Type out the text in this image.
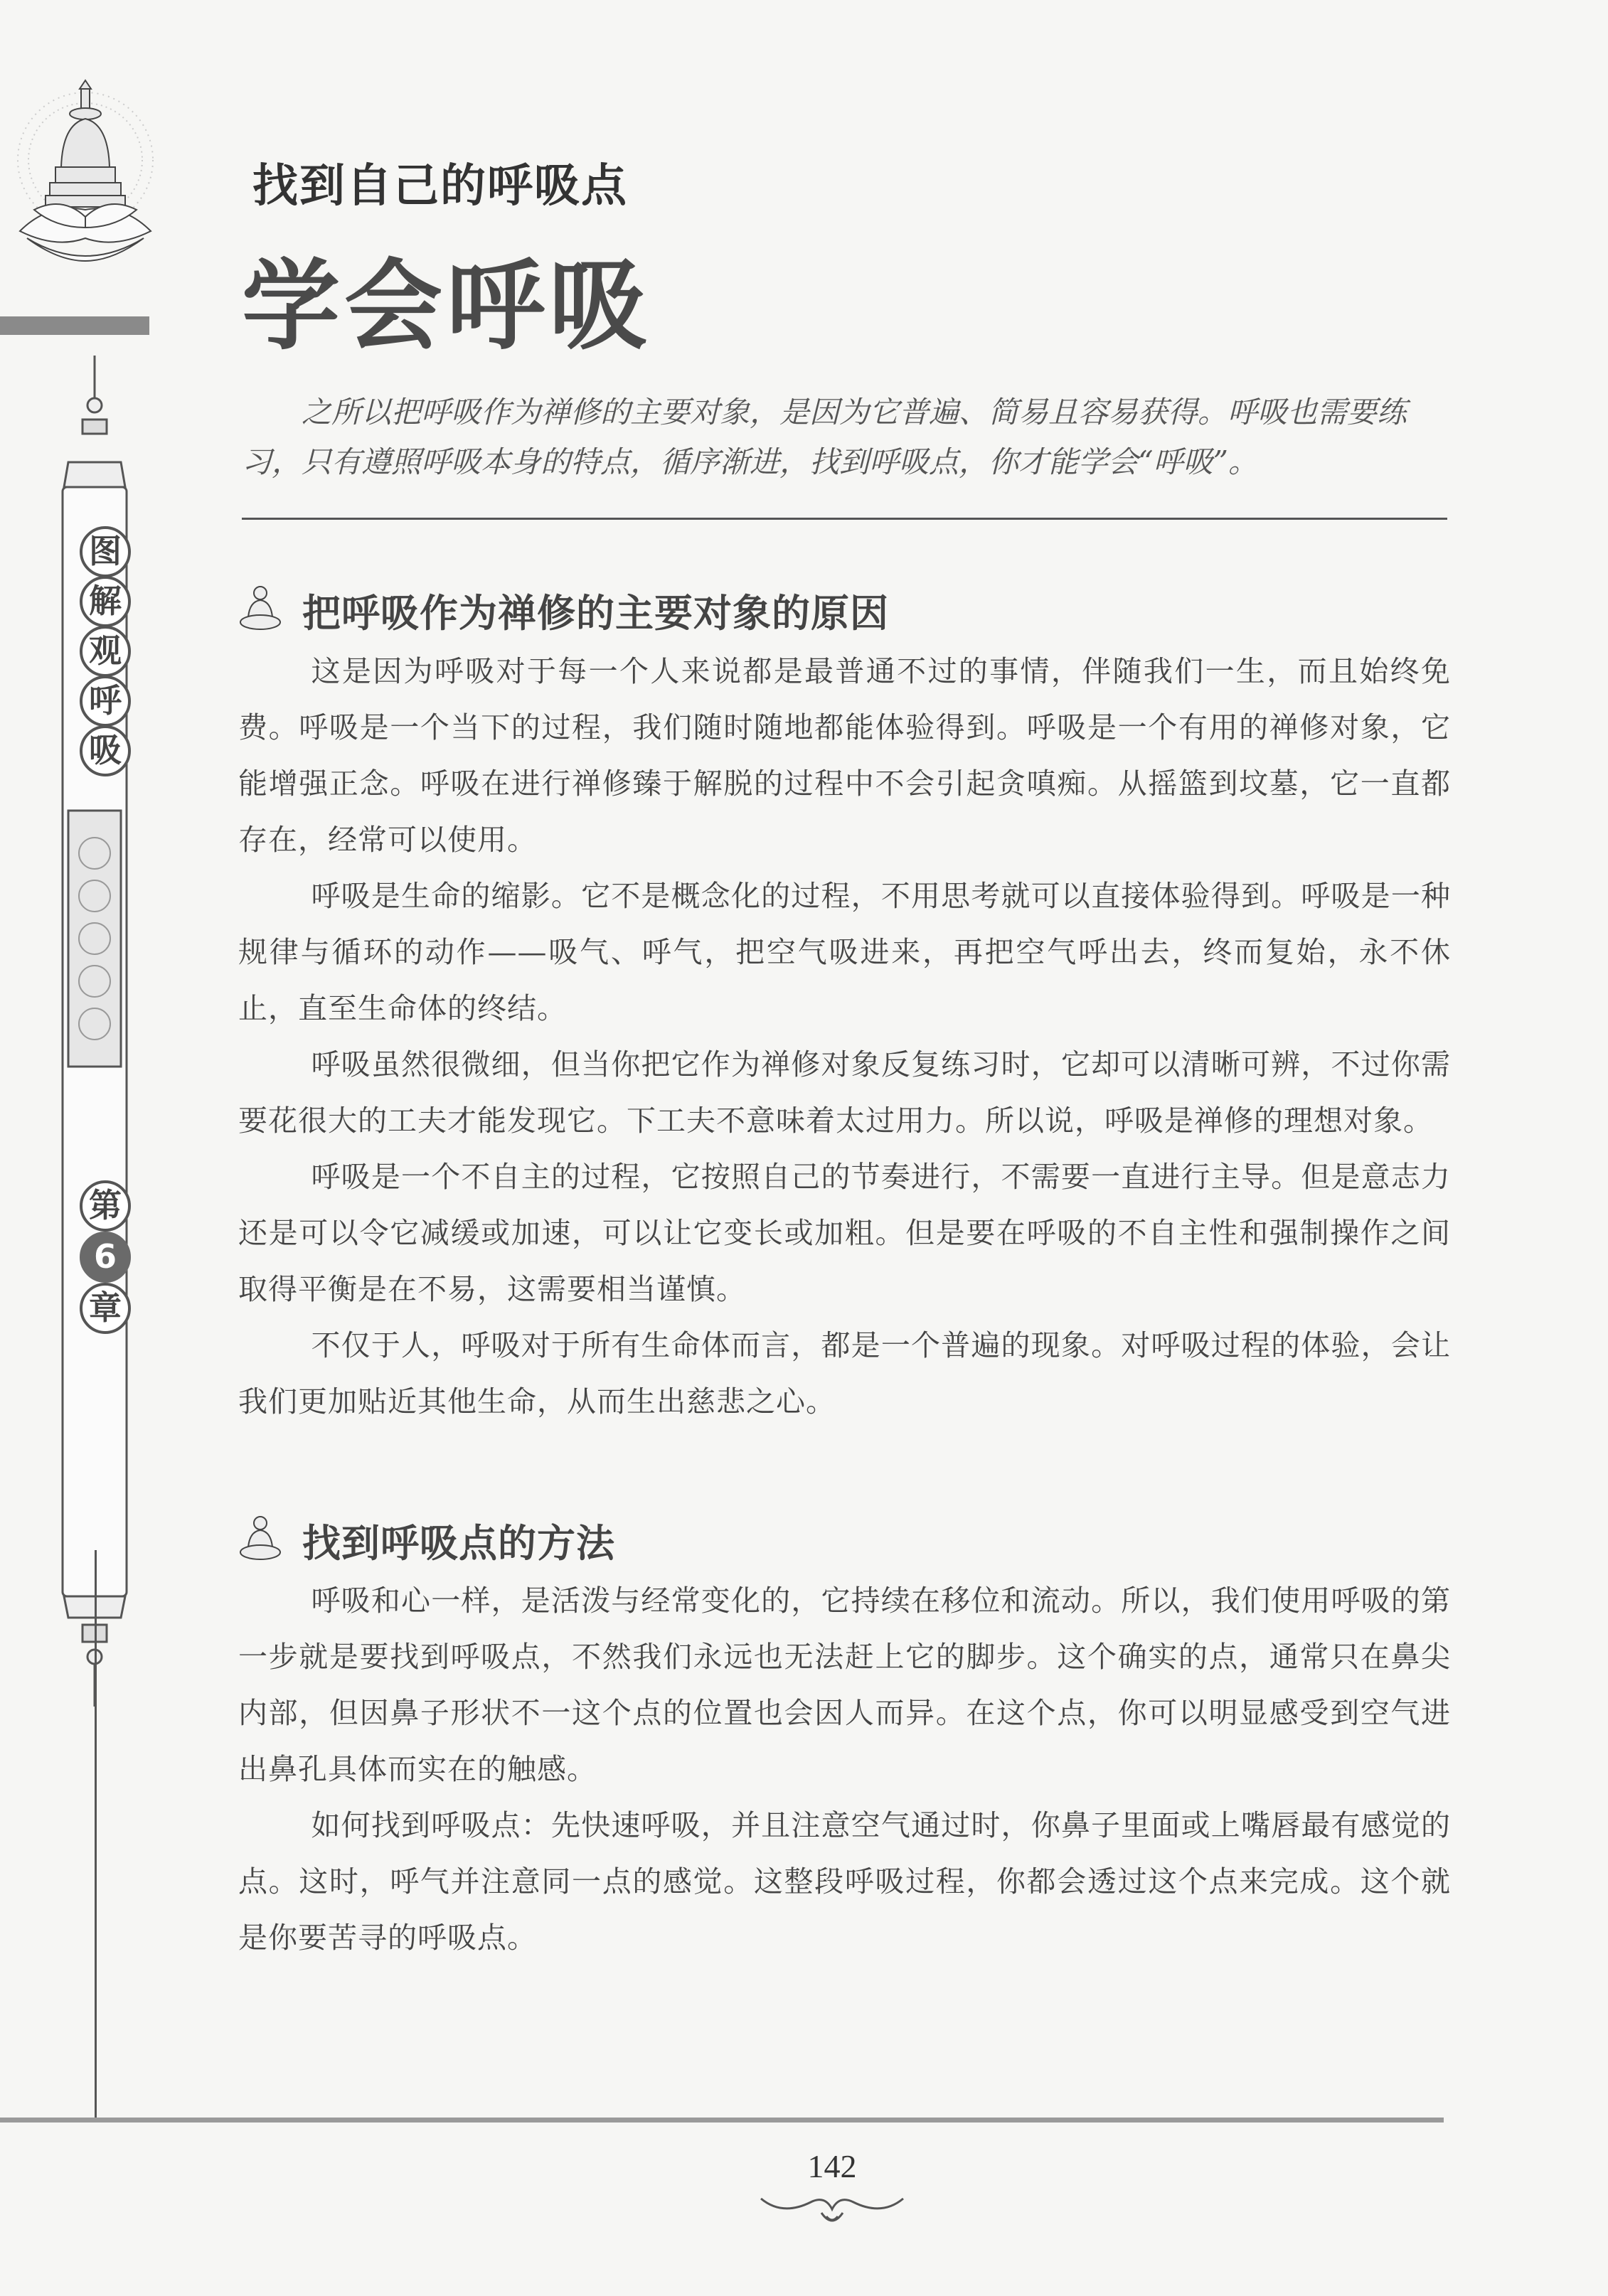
图
解
观
呼
吸
第
6
章
找到自己的呼吸点
学会呼吸

之所以把呼吸作为禅修的主要对象，是因为它普遍、简易且容易获得。呼吸也需要练习，只有遵照呼吸本身的特点，循序渐进，找到呼吸点，你才能学会“呼吸”。

把呼吸作为禅修的主要对象的原因

这是因为呼吸对于每一个人来说都是最普通不过的事情，伴随我们一生，而且始终免费。呼吸是一个当下的过程，我们随时随地都能体验得到。呼吸是一个有用的禅修对象，它能增强正念。呼吸在进行禅修臻于解脱的过程中不会引起贪嗔痴。从摇篮到坟墓，它一直都存在，经常可以使用。

呼吸是生命的缩影。它不是概念化的过程，不用思考就可以直接体验得到。呼吸是一种规律与循环的动作——吸气、呼气，把空气吸进来，再把空气呼出去，终而复始，永不休止，直至生命体的终结。

呼吸虽然很微细，但当你把它作为禅修对象反复练习时，它却可以清晰可辨，不过你需要花很大的工夫才能发现它。下工夫不意味着太过用力。所以说，呼吸是禅修的理想对象。

呼吸是一个不自主的过程，它按照自己的节奏进行，不需要一直进行主导。但是意志力还是可以令它减缓或加速，可以让它变长或加粗。但是要在呼吸的不自主性和强制操作之间取得平衡是在不易，这需要相当谨慎。

不仅于人，呼吸对于所有生命体而言，都是一个普遍的现象。对呼吸过程的体验，会让我们更加贴近其他生命，从而生出慈悲之心。

找到呼吸点的方法

呼吸和心一样，是活泼与经常变化的，它持续在移位和流动。所以，我们使用呼吸的第一步就是要找到呼吸点，不然我们永远也无法赶上它的脚步。这个确实的点，通常只在鼻尖内部，但因鼻子形状不一这个点的位置也会因人而异。在这个点，你可以明显感受到空气进出鼻孔具体而实在的触感。

如何找到呼吸点：先快速呼吸，并且注意空气通过时，你鼻子里面或上嘴唇最有感觉的点。这时，呼气并注意同一点的感觉。这整段呼吸过程，你都会透过这个点来完成。这个就是你要苦寻的呼吸点。

142
